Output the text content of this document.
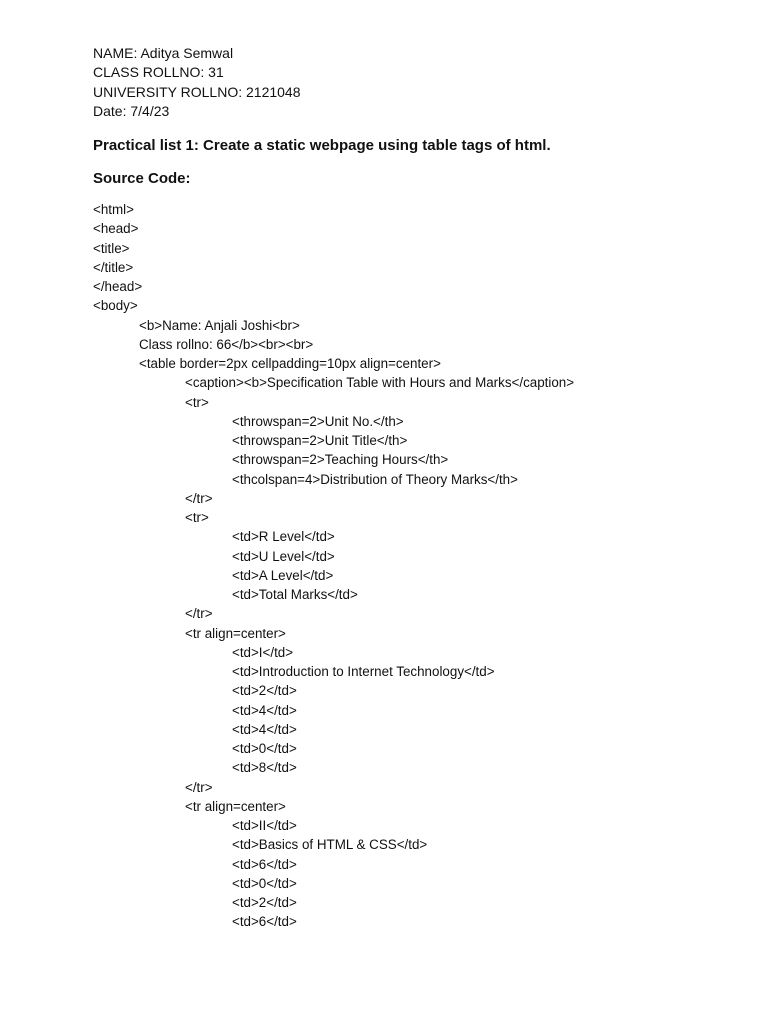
NAME: Aditya Semwal
CLASS ROLLNO: 31
UNIVERSITY ROLLNO: 2121048
Date: 7/4/23
Practical list 1: Create a static webpage using table tags of html.
Source Code:
<html>
<head>
<title>
</title>
</head>
<body>
<b>Name: Anjali Joshi<br>
Class rollno: 66</b><br><br>
<table border=2px cellpadding=10px align=center>
<caption><b>Specification Table with Hours and Marks</caption>
<tr>
<throwspan=2>Unit No.</th>
<throwspan=2>Unit Title</th>
<throwspan=2>Teaching Hours</th>
<thcolspan=4>Distribution of Theory Marks</th>
</tr>
<tr>
<td>R Level</td>
<td>U Level</td>
<td>A Level</td>
<td>Total Marks</td>
</tr>
<tr align=center>
<td>I</td>
<td>Introduction to Internet Technology</td>
<td>2</td>
<td>4</td>
<td>4</td>
<td>0</td>
<td>8</td>
</tr>
<tr align=center>
<td>II</td>
<td>Basics of HTML & CSS</td>
<td>6</td>
<td>0</td>
<td>2</td>
<td>6</td>
